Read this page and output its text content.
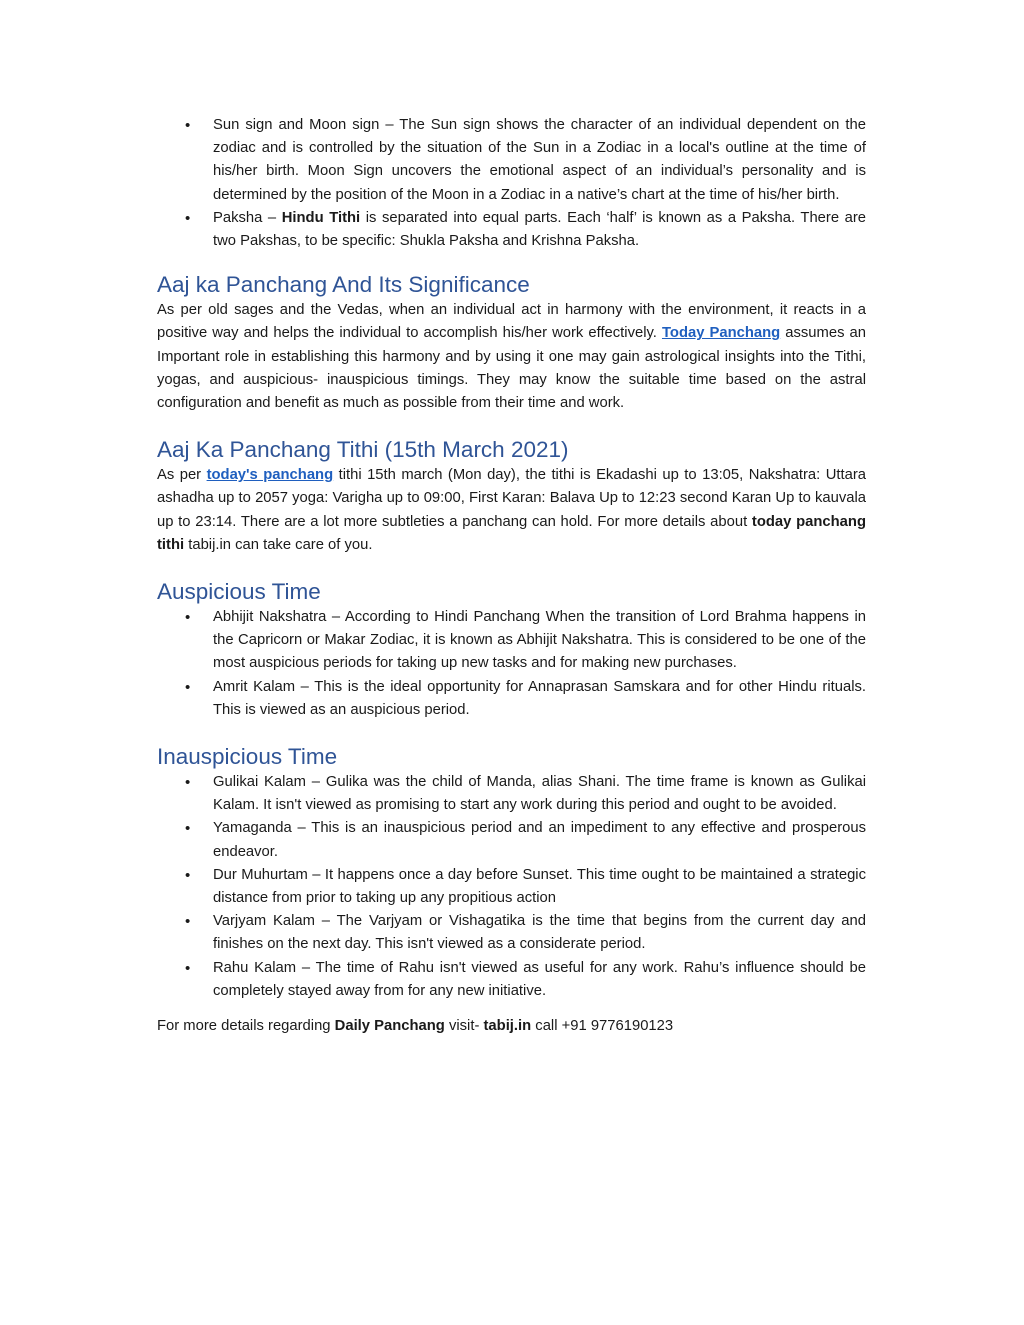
• Sun sign and Moon sign – The Sun sign shows the character of an individual dependent on the zodiac and is controlled by the situation of the Sun in a Zodiac in a local's outline at the time of his/her birth. Moon Sign uncovers the emotional aspect of an individual’s personality and is determined by the position of the Moon in a Zodiac in a native’s chart at the time of his/her birth.
• Paksha – Hindu Tithi is separated into equal parts. Each ‘half’ is known as a Paksha. There are two Pakshas, to be specific: Shukla Paksha and Krishna Paksha.
Aaj ka Panchang And Its Significance

As per old sages and the Vedas, when an individual act in harmony with the environment, it reacts in a positive way and helps the individual to accomplish his/her work effectively. Today Panchang assumes an Important role in establishing this harmony and by using it one may gain astrological insights into the Tithi, yogas, and auspicious- inauspicious timings. They may know the suitable time based on the astral configuration and benefit as much as possible from their time and work.

Aaj Ka Panchang Tithi (15th March 2021)

As per today's panchang tithi 15th march (Mon day), the tithi is Ekadashi up to 13:05, Nakshatra: Uttara ashadha up to 2057 yoga: Varigha up to 09:00, First Karan: Balava Up to 12:23 second Karan Up to kauvala up to 23:14. There are a lot more subtleties a panchang can hold. For more details about today panchang tithi tabij.in can take care of you.

Auspicious Time
• Abhijit Nakshatra – According to Hindi Panchang When the transition of Lord Brahma happens in the Capricorn or Makar Zodiac, it is known as Abhijit Nakshatra. This is considered to be one of the most auspicious periods for taking up new tasks and for making new purchases.
• Amrit Kalam – This is the ideal opportunity for Annaprasan Samskara and for other Hindu rituals. This is viewed as an auspicious period.
Inauspicious Time
• Gulikai Kalam – Gulika was the child of Manda, alias Shani. The time frame is known as Gulikai Kalam. It isn't viewed as promising to start any work during this period and ought to be avoided.
• Yamaganda – This is an inauspicious period and an impediment to any effective and prosperous endeavor.
• Dur Muhurtam – It happens once a day before Sunset. This time ought to be maintained a strategic distance from prior to taking up any propitious action
• Varjyam Kalam – The Varjyam or Vishagatika is the time that begins from the current day and finishes on the next day. This isn't viewed as a considerate period.
• Rahu Kalam – The time of Rahu isn't viewed as useful for any work. Rahu’s influence should be completely stayed away from for any new initiative.

For more details regarding Daily Panchang visit- tabij.in call +91 9776190123
